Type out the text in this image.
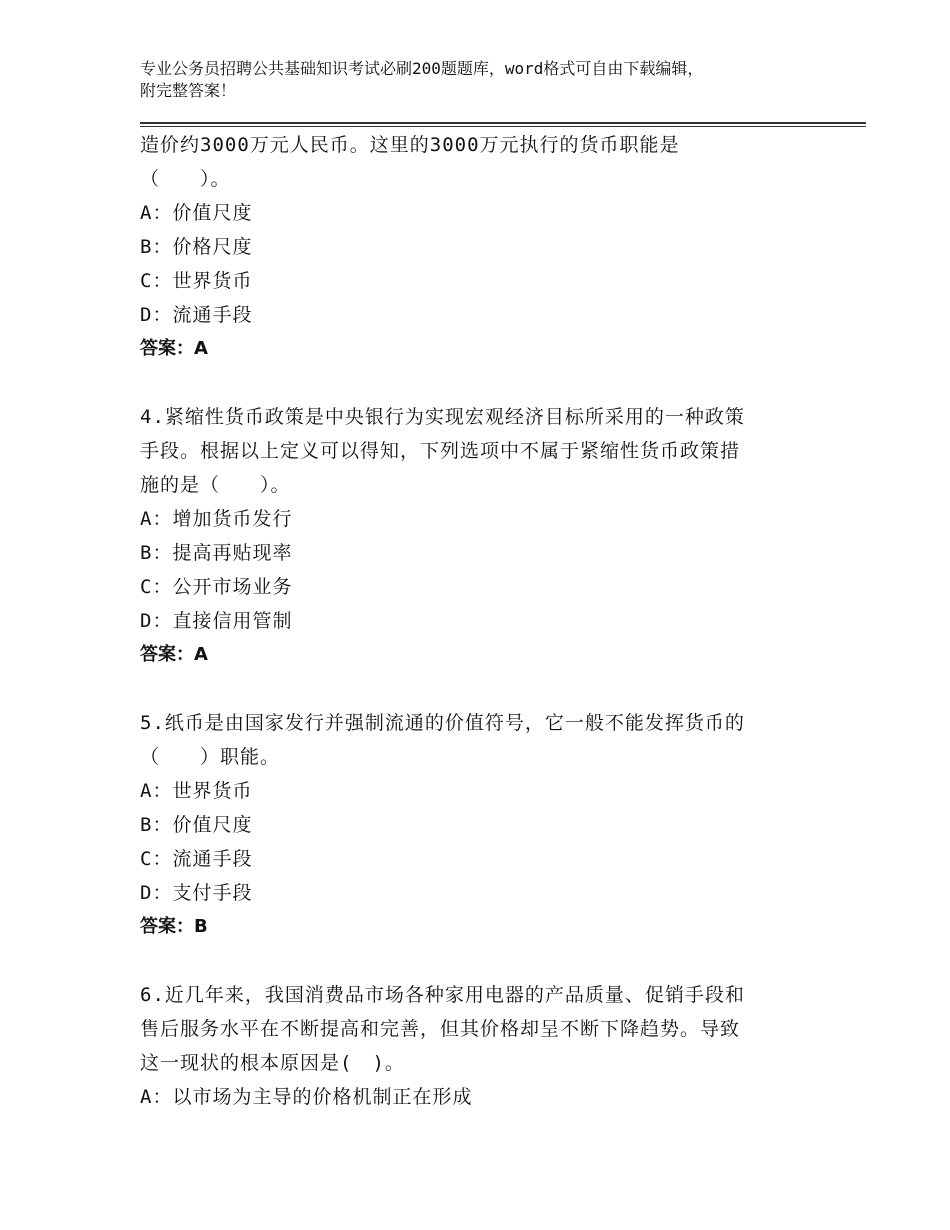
专业公务员招聘公共基础知识考试必刷200题题库，word格式可自由下载编辑，
附完整答案！
造价约3000万元人民币。这里的3000万元执行的货币职能是
（　　）。
A：价值尺度
B：价格尺度
C：世界货币
D：流通手段
答案：A
4.紧缩性货币政策是中央银行为实现宏观经济目标所采用的一种政策
手段。根据以上定义可以得知，下列选项中不属于紧缩性货币政策措
施的是（　　）。
A：增加货币发行
B：提高再贴现率
C：公开市场业务
D：直接信用管制
答案：A
5.纸币是由国家发行并强制流通的价值符号，它一般不能发挥货币的
（　　）职能。
A：世界货币
B：价值尺度
C：流通手段
D：支付手段
答案：B
6.近几年来，我国消费品市场各种家用电器的产品质量、促销手段和
售后服务水平在不断提高和完善，但其价格却呈不断下降趋势。导致
这一现状的根本原因是(　)。
A：以市场为主导的价格机制正在形成
